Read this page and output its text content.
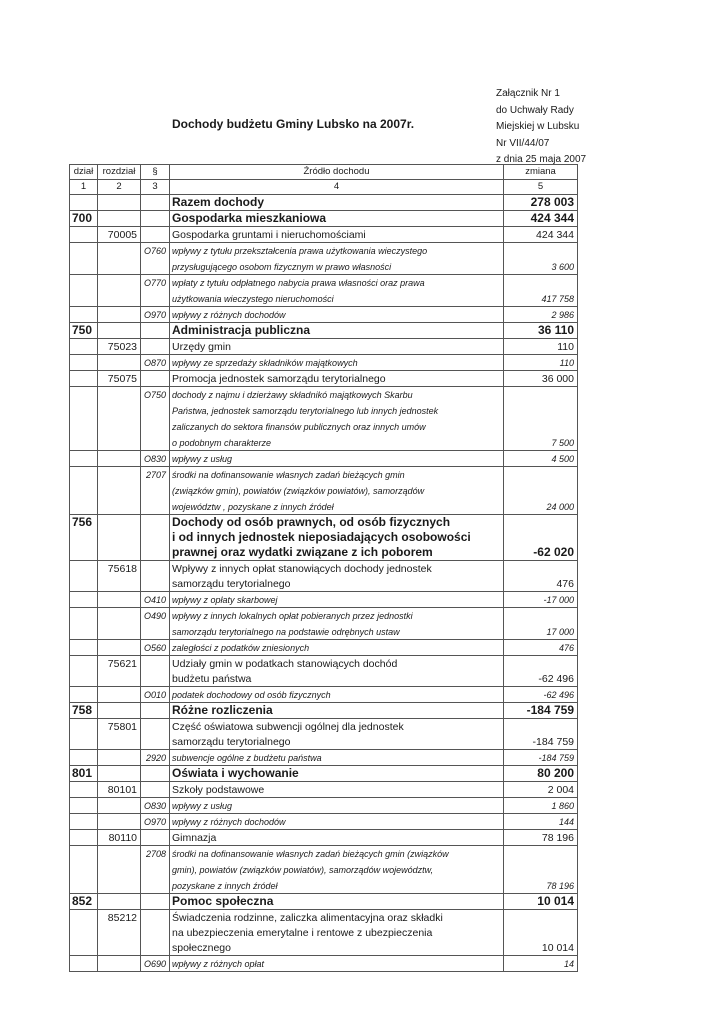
Załącznik Nr 1
do Uchwały Rady
Miejskiej w Lubsku
Nr VII/44/07
z dnia 25 maja 2007
Dochody budżetu Gminy Lubsko na 2007r.
dział	rozdział	§	Źródło dochodu	zmiana
1	2	3	4	5
			Razem dochody	278 003
700			Gospodarka mieszkaniowa	424 344
	70005		Gospodarka gruntami i nieruchomościami	424 344
		O760	wpływy z tytułu przekształcenia prawa użytkowania wieczystego	
			przysługującego osobom fizycznym w prawo własności	3 600
		O770	wpłaty z tytułu odpłatnego nabycia prawa własności oraz prawa	
			użytkowania wieczystego nieruchomości	417 758
		O970	wpływy z różnych dochodów	2 986
750			Administracja publiczna	36 110
	75023		Urzędy gmin	110
		O870	wpływy ze sprzedaży składników majątkowych	110
	75075		Promocja jednostek samorządu terytorialnego	36 000
		O750	dochody z najmu i dzierżawy składnikó majątkowych Skarbu	
			Państwa, jednostek samorządu terytorialnego lub innych jednostek	
			zaliczanych do sektora finansów publicznych oraz innych umów	
			o podobnym charakterze	7 500
		O830	wpływy z usług	4 500
		2707	środki na dofinansowanie własnych zadań bieżących gmin	
			(związków gmin), powiatów (związków powiatów), samorządów	
			województw , pozyskane z innych źródeł	24 000
756			Dochody od osób prawnych, od osób fizycznych	
			i od innych jednostek nieposiadających osobowości	
			prawnej oraz wydatki związane z ich poborem	-62 020
	75618		Wpływy z innych opłat stanowiących dochody jednostek	
			samorządu terytorialnego	476
		O410	wpływy z opłaty skarbowej	-17 000
		O490	wpływy z innych lokalnych opłat pobieranych przez jednostki	
			samorządu terytorialnego na podstawie odrębnych ustaw	17 000
		O560	zaległości z podatków zniesionych	476
	75621		Udziały gmin w podatkach stanowiących dochód	
			budżetu państwa	-62 496
		O010	podatek dochodowy od osób fizycznych	-62 496
758			Różne rozliczenia	-184 759
	75801		Część oświatowa subwencji ogólnej dla jednostek	
			samorządu terytorialnego	-184 759
		2920	subwencje ogólne z budżetu państwa	-184 759
801			Oświata i wychowanie	80 200
	80101		Szkoły podstawowe	2 004
		O830	wpływy z usług	1 860
		O970	wpływy z różnych dochodów	144
	80110		Gimnazja	78 196
		2708	środki na dofinansowanie własnych zadań bieżących gmin (związków	
			gmin), powiatów (związków powiatów), samorządów województw,	
			pozyskane z innych źródeł	78 196
852			Pomoc społeczna	10 014
	85212		Świadczenia rodzinne, zaliczka alimentacyjna oraz składki	
			na ubezpieczenia emerytalne i rentowe z ubezpieczenia	
			społecznego	10 014
		O690	wpływy z różnych opłat	14
